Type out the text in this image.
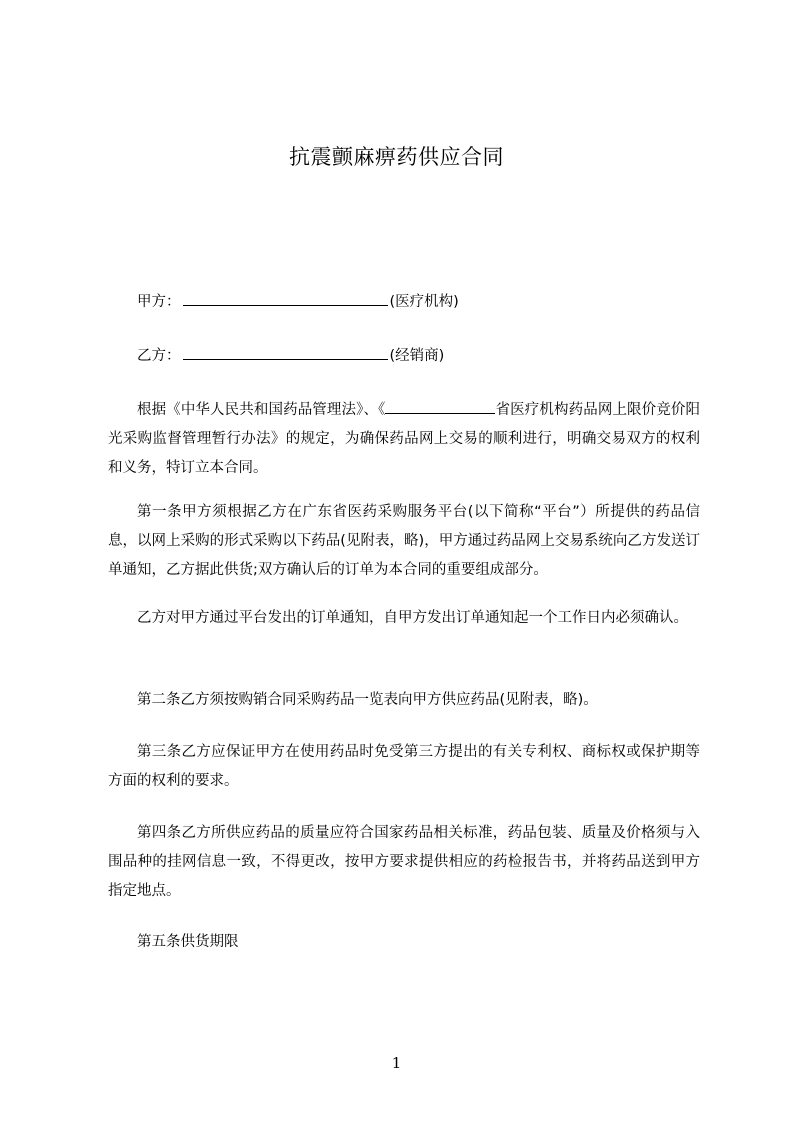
抗震颤麻痹药供应合同
甲方：	(医疗机构)
乙方：	(经销商)
根据《中华人民共和国药品管理法》、《	省医疗机构药品网上限价竞价阳光采购监督管理暂行办法》的规定，为确保药品网上交易的顺利进行，明确交易双方的权利和义务，特订立本合同。
第一条甲方须根据乙方在广东省医药采购服务平台(以下简称“平台”）所提供的药品信息，以网上采购的形式采购以下药品(见附表，略)，甲方通过药品网上交易系统向乙方发送订单通知，乙方据此供货;双方确认后的订单为本合同的重要组成部分。
乙方对甲方通过平台发出的订单通知，自甲方发出订单通知起一个工作日内必须确认。
第二条乙方须按购销合同采购药品一览表向甲方供应药品(见附表，略)。
第三条乙方应保证甲方在使用药品时免受第三方提出的有关专利权、商标权或保护期等方面的权利的要求。
第四条乙方所供应药品的质量应符合国家药品相关标准，药品包装、质量及价格须与入围品种的挂网信息一致，不得更改，按甲方要求提供相应的药检报告书，并将药品送到甲方指定地点。
第五条供货期限
1
